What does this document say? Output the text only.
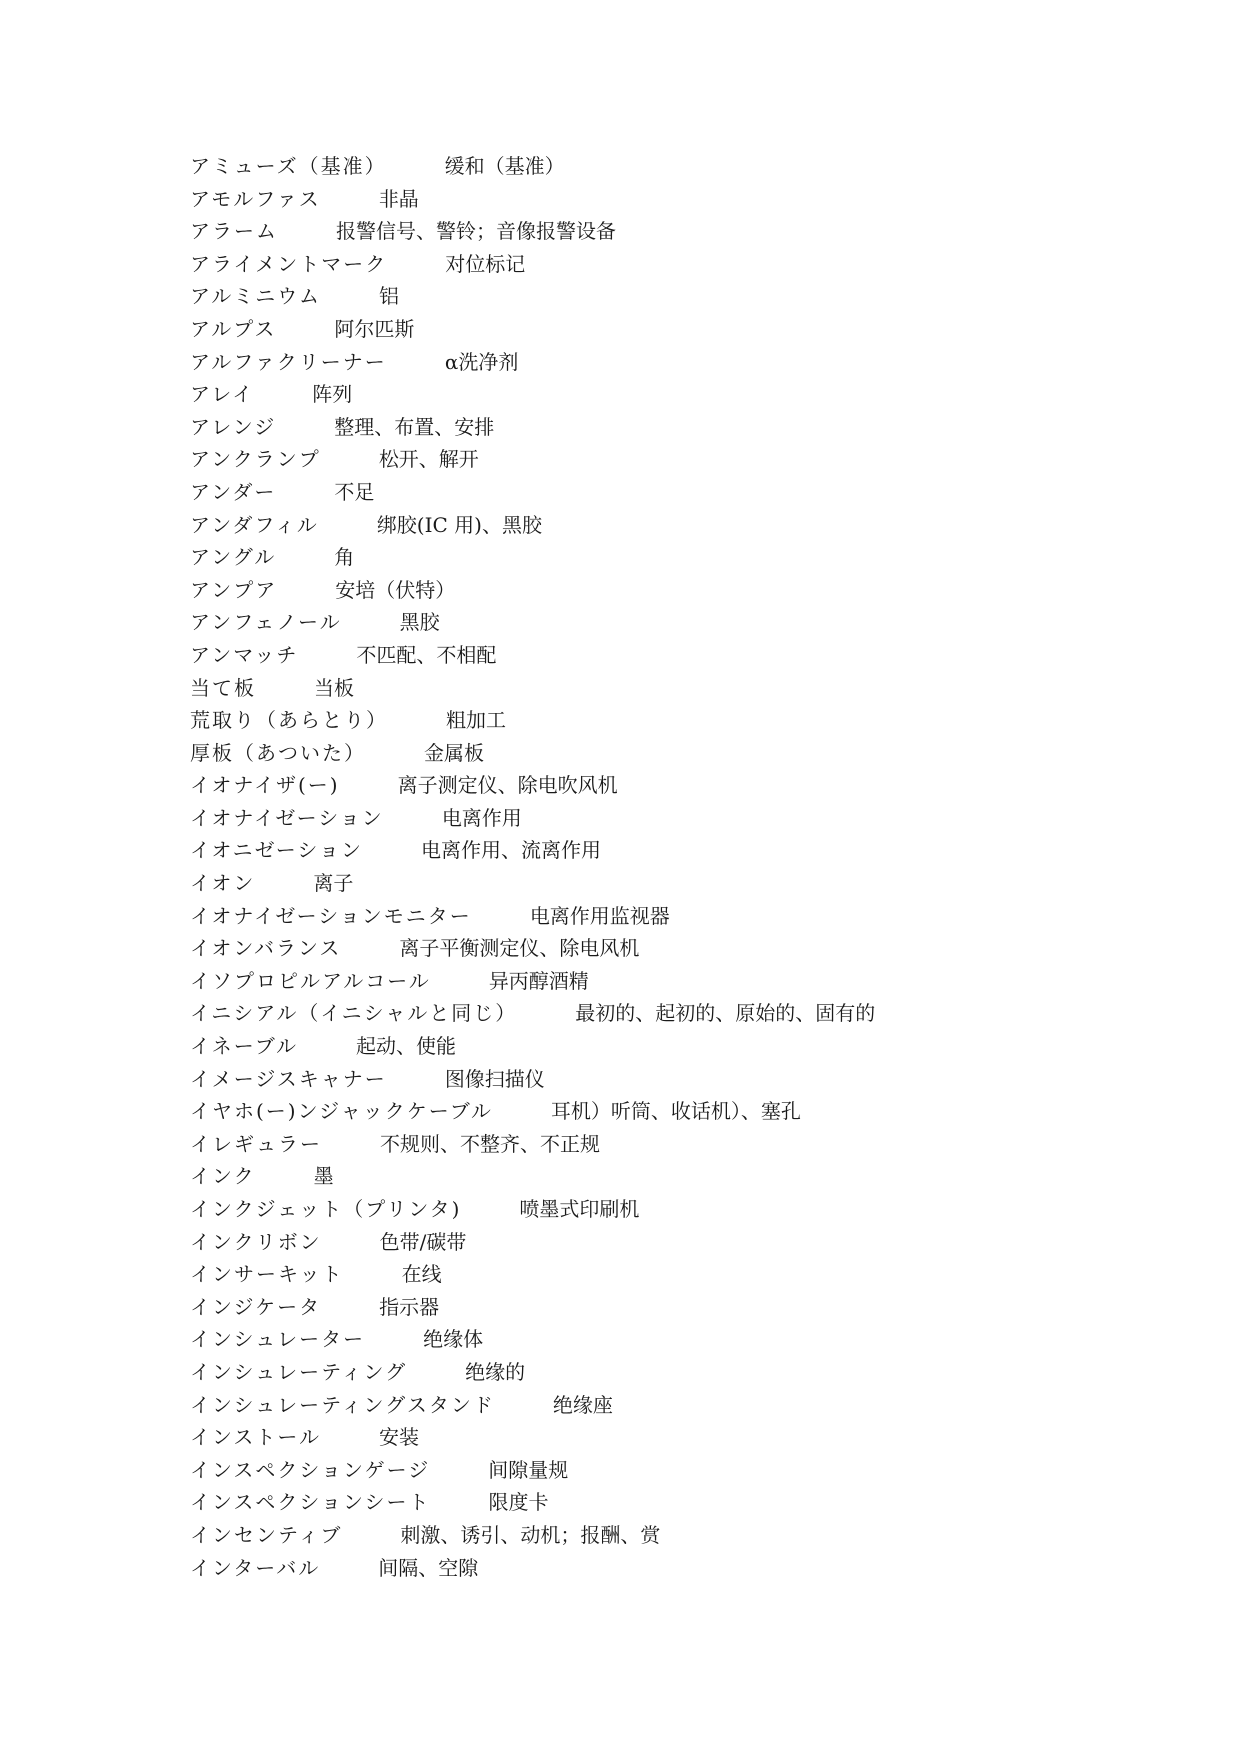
アミューズ（基准）	缓和（基准）
アモルファス	非晶
アラーム	报警信号、警铃；音像报警设备
アライメントマーク	对位标记
アルミニウム	铝
アルプス	阿尔匹斯
アルファクリーナー	α洗净剂
アレイ	阵列
アレンジ	整理、布置、安排
アンクランプ	松开、解开
アンダー	不足
アンダフィル	绑胶(IC 用)、黑胶
アングル	角
アンプア	安培（伏特）
アンフェノール	黑胶
アンマッチ	不匹配、不相配
当て板	当板
荒取り（あらとり）	粗加工
厚板（あついた）	金属板
イオナイザ(ー)	离子测定仪、除电吹风机
イオナイゼーション	电离作用
イオニゼーション	电离作用、流离作用
イオン	离子
イオナイゼーションモニター	电离作用监视器
イオンバランス	离子平衡测定仪、除电风机
イソプロピルアルコール	异丙醇酒精
イニシアル（イニシャルと同じ）	最初的、起初的、原始的、固有的
イネーブル	起动、使能
イメージスキャナー	图像扫描仪
イヤホ(ー)ンジャックケーブル	耳机）听筒、收话机）、塞孔
イレギュラー	不规则、不整齐、不正规
インク	墨
インクジェット（プリンタ)	喷墨式印刷机
インクリボン	色带/碳带
インサーキット	在线
インジケータ	指示器
インシュレーター	绝缘体
インシュレーティング	绝缘的
インシュレーティングスタンド	绝缘座
インストール	安装
インスペクションゲージ	间隙量规
インスペクションシート	限度卡
インセンティブ	刺激、诱引、动机；报酬、赏
インターバル	间隔、空隙
